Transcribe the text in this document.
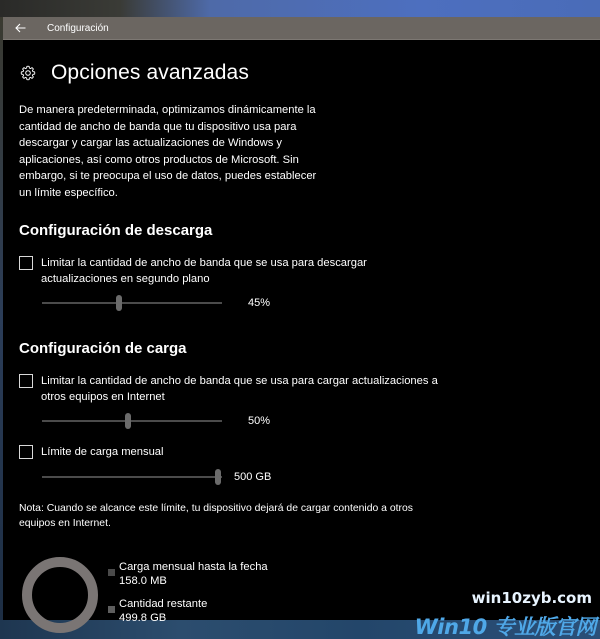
Configuración
Opciones avanzadas

De manera predeterminada, optimizamos dinámicamente la cantidad de ancho de banda que tu dispositivo usa para descargar y cargar las actualizaciones de Windows y aplicaciones, así como otros productos de Microsoft. Sin embargo, si te preocupa el uso de datos, puedes establecer un límite específico.

Configuración de descarga
Limitar la cantidad de ancho de banda que se usa para descargar
actualizaciones en segundo plano
45%
Configuración de carga
Limitar la cantidad de ancho de banda que se usa para cargar actualizaciones a
otros equipos en Internet
50%
Límite de carga mensual
500 GB
Nota: Cuando se alcance este límite, tu dispositivo dejará de cargar contenido a otros
equipos en Internet.
Carga mensual hasta la fecha
158.0 MB
Cantidad restante
499.8 GB
win10zyb.com
Win10 专业版官网
